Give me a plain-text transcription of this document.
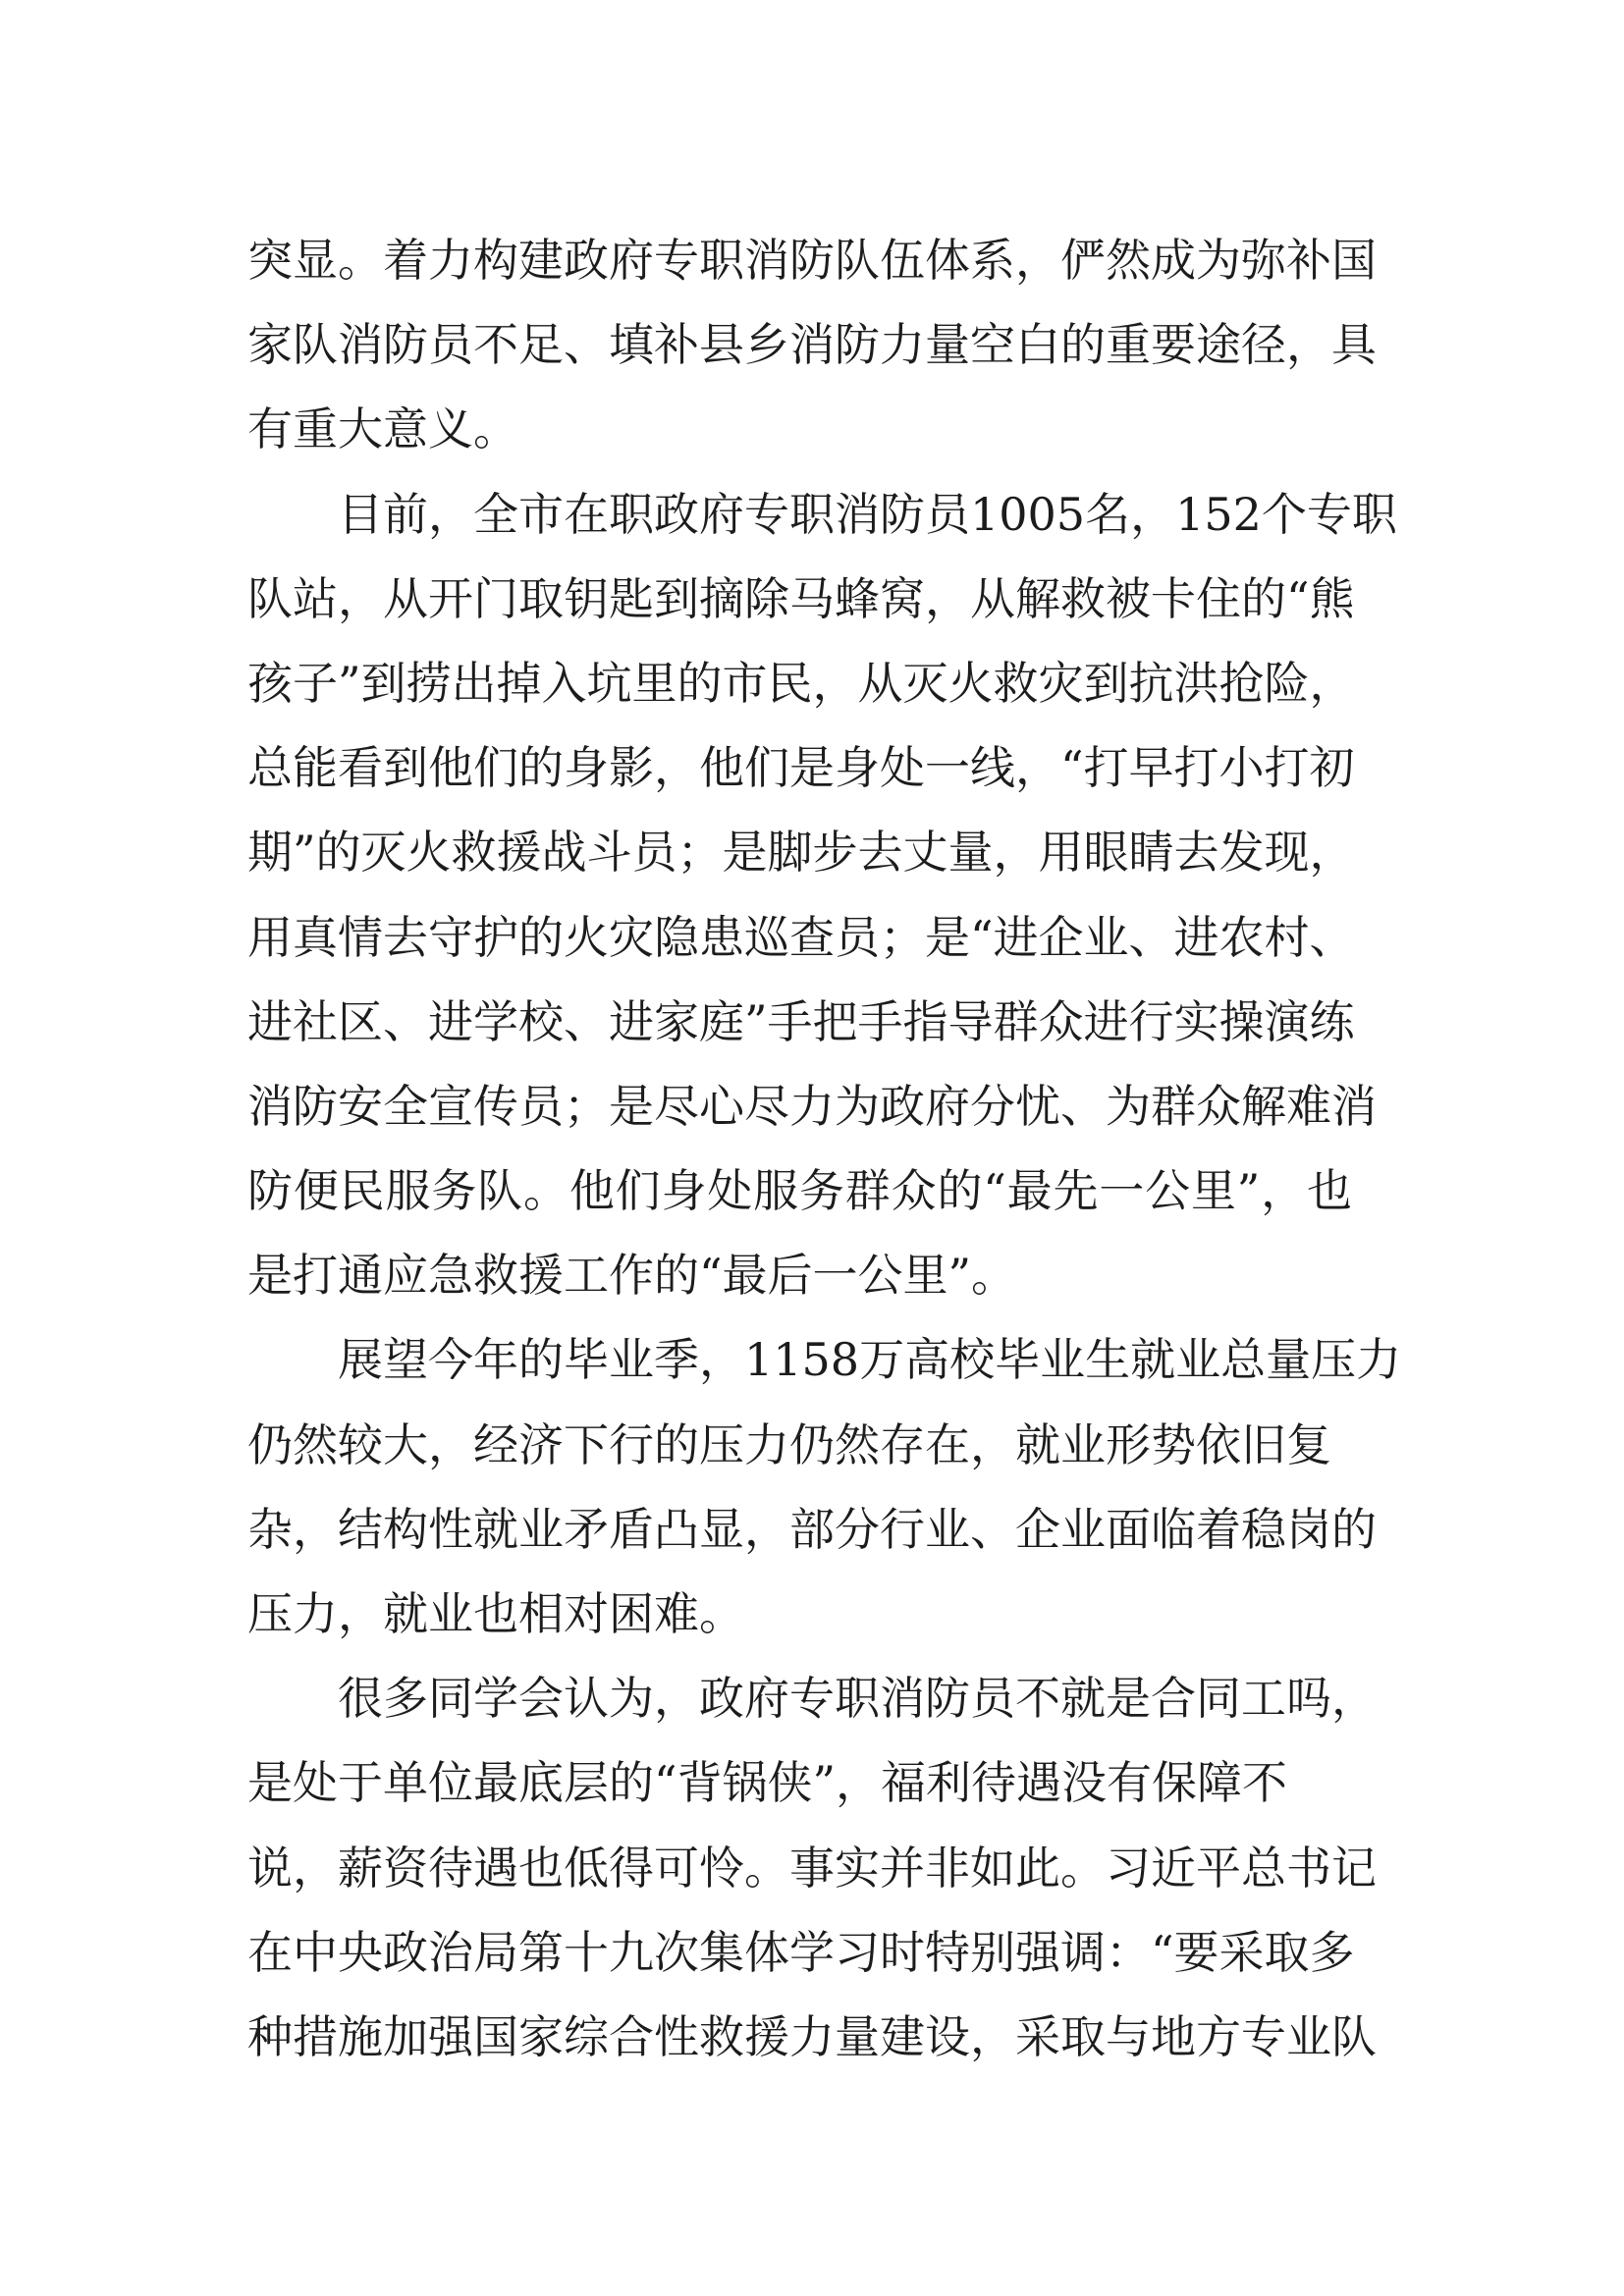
突显。着力构建政府专职消防队伍体系，俨然成为弥补国
家队消防员不足、填补县乡消防力量空白的重要途径，具
有重大意义。
目前，全市在职政府专职消防员1005名，152个专职
队站，从开门取钥匙到摘除马蜂窝，从解救被卡住的“熊
孩子”到捞出掉入坑里的市民，从灭火救灾到抗洪抢险，
总能看到他们的身影，他们是身处一线，“打早打小打初
期”的灭火救援战斗员；是脚步去丈量，用眼睛去发现，
用真情去守护的火灾隐患巡查员；是“进企业、进农村、
进社区、进学校、进家庭”手把手指导群众进行实操演练
消防安全宣传员；是尽心尽力为政府分忧、为群众解难消
防便民服务队。他们身处服务群众的“最先一公里”，也
是打通应急救援工作的“最后一公里”。
展望今年的毕业季，1158万高校毕业生就业总量压力
仍然较大，经济下行的压力仍然存在，就业形势依旧复
杂，结构性就业矛盾凸显，部分行业、企业面临着稳岗的
压力，就业也相对困难。
很多同学会认为，政府专职消防员不就是合同工吗，
是处于单位最底层的“背锅侠”，福利待遇没有保障不
说，薪资待遇也低得可怜。事实并非如此。习近平总书记
在中央政治局第十九次集体学习时特别强调：“要采取多
种措施加强国家综合性救援力量建设，采取与地方专业队
